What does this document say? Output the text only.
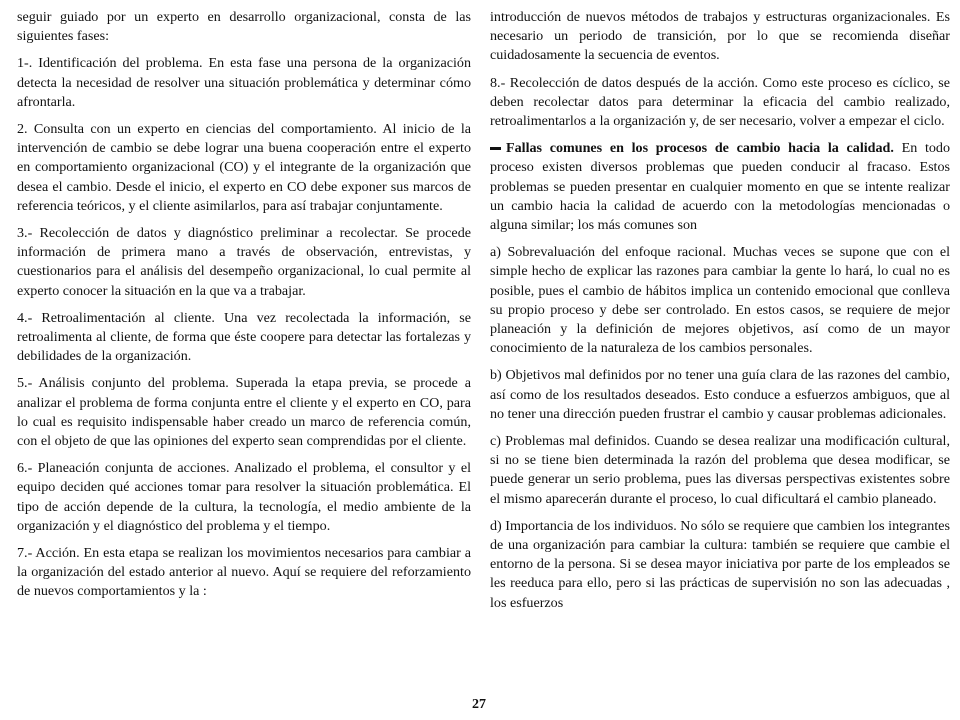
seguir guiado por un experto en desarrollo organizacional, consta de las siguientes fases:

1-. Identificación del problema. En esta fase una persona de la organización detecta la necesidad de resolver una situación problemática y determinar cómo afrontarla.

2. Consulta con un experto en ciencias del comportamiento. Al inicio de la intervención de cambio se debe lograr una buena cooperación entre el experto en comportamiento organizacional (CO) y el integrante de la organización que desea el cambio. Desde el inicio, el experto en CO debe exponer sus marcos de referencia teóricos, y el cliente asimilarlos, para así trabajar conjuntamente.

3.- Recolección de datos y diagnóstico preliminar a recolectar. Se procede información de primera mano a través de observación, entrevistas, y cuestionarios para el análisis del desempeño organizacional, lo cual permite al experto conocer la situación en la que va a trabajar.

4.- Retroalimentación al cliente. Una vez recolectada la información, se retroalimenta al cliente, de forma que éste coopere para detectar las fortalezas y debilidades de la organización.

5.- Análisis conjunto del problema. Superada la etapa previa, se procede a analizar el problema de forma conjunta entre el cliente y el experto en CO, para lo cual es requisito indispensable haber creado un marco de referencia común, con el objeto de que las opiniones del experto sean comprendidas por el cliente.

6.- Planeación conjunta de acciones. Analizado el problema, el consultor y el equipo deciden qué acciones tomar para resolver la situación problemática. El tipo de acción depende de la cultura, la tecnología, el medio ambiente de la organización y el diagnóstico del problema y el tiempo.

7.- Acción. En esta etapa se realizan los movimientos necesarios para cambiar a la organización del estado anterior al nuevo. Aquí se requiere del reforzamiento de nuevos comportamientos y la :

introducción de nuevos métodos de trabajos y estructuras organizacionales. Es necesario un periodo de transición, por lo que se recomienda diseñar cuidadosamente la secuencia de eventos.

8.- Recolección de datos después de la acción. Como este proceso es cíclico, se deben recolectar datos para determinar la eficacia del cambio realizado, retroalimentarlos a la organización y, de ser necesario, volver a empezar el ciclo.

Fallas comunes en los procesos de cambio hacia la calidad. En todo proceso existen diversos problemas que pueden conducir al fracaso. Estos problemas se pueden presentar en cualquier momento en que se intente realizar un cambio hacia la calidad de acuerdo con la metodologías mencionadas o alguna similar; los más comunes son

a) Sobrevaluación del enfoque racional. Muchas veces se supone que con el simple hecho de explicar las razones para cambiar la gente lo hará, lo cual no es posible, pues el cambio de hábitos implica un contenido emocional que conlleva su propio proceso y debe ser controlado. En estos casos, se requiere de mejor planeación y la definición de mejores objetivos, así como de un mayor conocimiento de la naturaleza de los cambios personales.

b) Objetivos mal definidos por no tener una guía clara de las razones del cambio, así como de los resultados deseados. Esto conduce a esfuerzos ambiguos, que al no tener una dirección pueden frustrar el cambio y causar problemas adicionales.

c) Problemas mal definidos. Cuando se desea realizar una modificación cultural, si no se tiene bien determinada la razón del problema que desea modificar, se puede generar un serio problema, pues las diversas perspectivas existentes sobre el mismo aparecerán durante el proceso, lo cual dificultará el cambio planeado.

d) Importancia de los individuos. No sólo se requiere que cambien los integrantes de una organización para cambiar la cultura: también se requiere que cambie el entorno de la persona. Si se desea mayor iniciativa por parte de los empleados se les reeduca para ello, pero si las prácticas de supervisión no son las adecuadas , los esfuerzos

27
